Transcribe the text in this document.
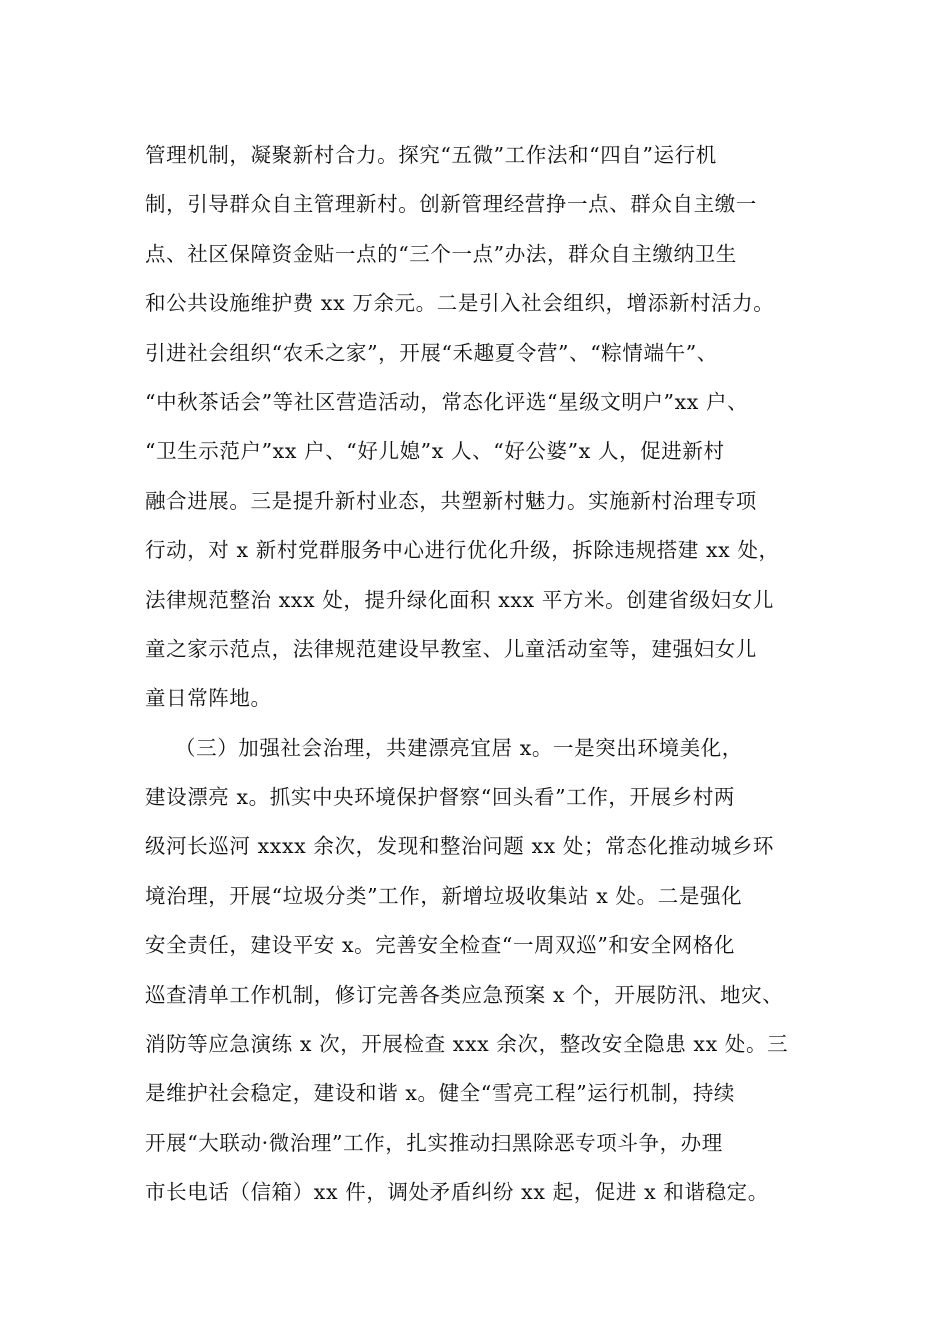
管理机制，凝聚新村合力。探究“五微”工作法和“四自”运行机
制，引导群众自主管理新村。创新管理经营挣一点、群众自主缴一
点、社区保障资金贴一点的“三个一点”办法，群众自主缴纳卫生
和公共设施维护费 xx 万余元。二是引入社会组织，增添新村活力。
引进社会组织“农禾之家”，开展“禾趣夏令营”、“粽情端午”、
“中秋茶话会”等社区营造活动，常态化评选“星级文明户”xx 户、
“卫生示范户”xx 户、“好儿媳”x 人、“好公婆”x 人，促进新村
融合进展。三是提升新村业态，共塑新村魅力。实施新村治理专项
行动，对 x 新村党群服务中心进行优化升级，拆除违规搭建 xx 处，
法律规范整治 xxx 处，提升绿化面积 xxx 平方米。创建省级妇女儿
童之家示范点，法律规范建设早教室、儿童活动室等，建强妇女儿
童日常阵地。
（三）加强社会治理，共建漂亮宜居 x。一是突出环境美化，
建设漂亮 x。抓实中央环境保护督察“回头看”工作，开展乡村两
级河长巡河 xxxx 余次，发现和整治问题 xx 处；常态化推动城乡环
境治理，开展“垃圾分类”工作，新增垃圾收集站 x 处。二是强化
安全责任，建设平安 x。完善安全检查“一周双巡”和安全网格化
巡查清单工作机制，修订完善各类应急预案 x 个，开展防汛、地灾、
消防等应急演练 x 次，开展检查 xxx 余次，整改安全隐患 xx 处。三
是维护社会稳定，建设和谐 x。健全“雪亮工程”运行机制，持续
开展“大联动·微治理”工作，扎实推动扫黑除恶专项斗争，办理
市长电话（信箱）xx 件，调处矛盾纠纷 xx 起，促进 x 和谐稳定。
